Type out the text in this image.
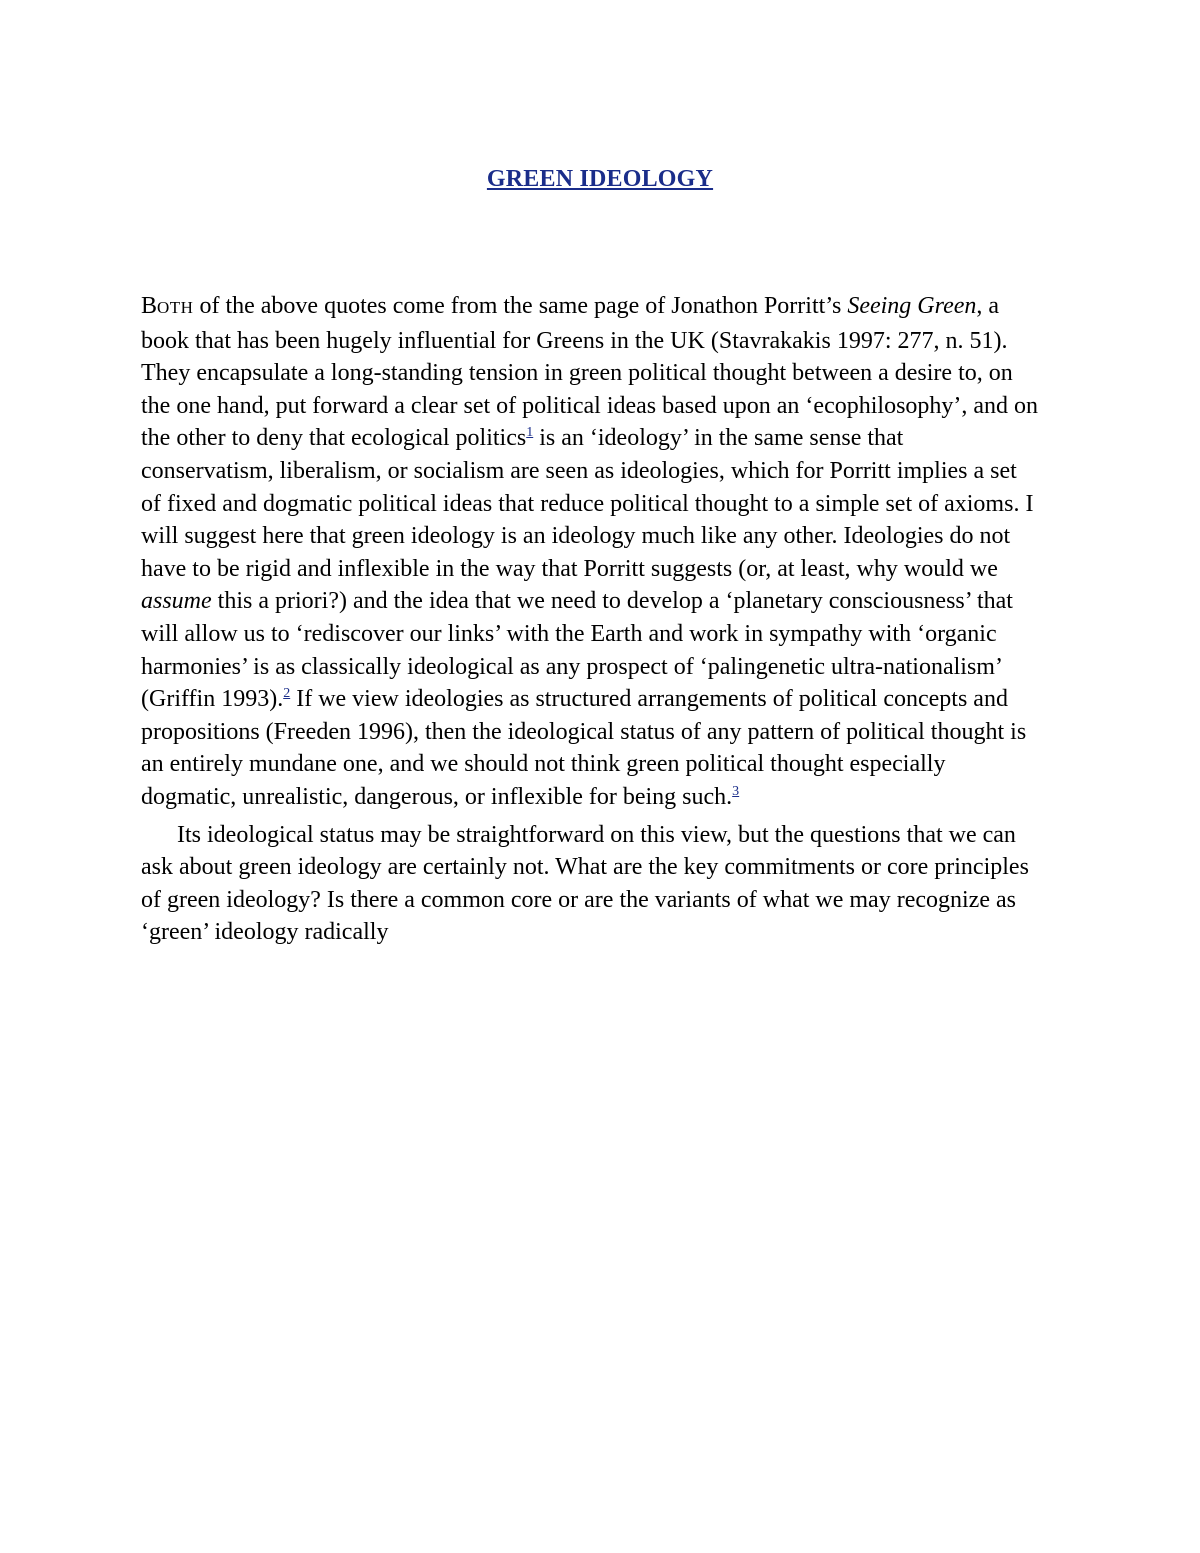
GREEN IDEOLOGY

BOTH of the above quotes come from the same page of Jonathon Porritt’s Seeing Green, a book that has been hugely influential for Greens in the UK (Stavrakakis 1997: 277, n. 51). They encapsulate a long-standing tension in green political thought between a desire to, on the one hand, put forward a clear set of political ideas based upon an ‘ecophilosophy’, and on the other to deny that ecological politics$^1$ is an ‘ideology’ in the same sense that conservatism, liberalism, or socialism are seen as ideologies, which for Porritt implies a set of fixed and dogmatic political ideas that reduce political thought to a simple set of axioms. I will suggest here that green ideology is an ideology much like any other. Ideologies do not have to be rigid and inflexible in the way that Porritt suggests (or, at least, why would we assume this a priori?) and the idea that we need to develop a ‘planetary consciousness’ that will allow us to ‘rediscover our links’ with the Earth and work in sympathy with ‘organic harmonies’ is as classically ideological as any prospect of ‘palingenetic ultra-nationalism’ (Griffin 1993).$^2$ If we view ideologies as structured arrangements of political concepts and propositions (Freeden 1996), then the ideological status of any pattern of political thought is an entirely mundane one, and we should not think green political thought especially dogmatic, unrealistic, dangerous, or inflexible for being such.$^3$

Its ideological status may be straightforward on this view, but the questions that we can ask about green ideology are certainly not. What are the key commitments or core principles of green ideology? Is there a common core or are the variants of what we may recognize as ‘green’ ideology radically
